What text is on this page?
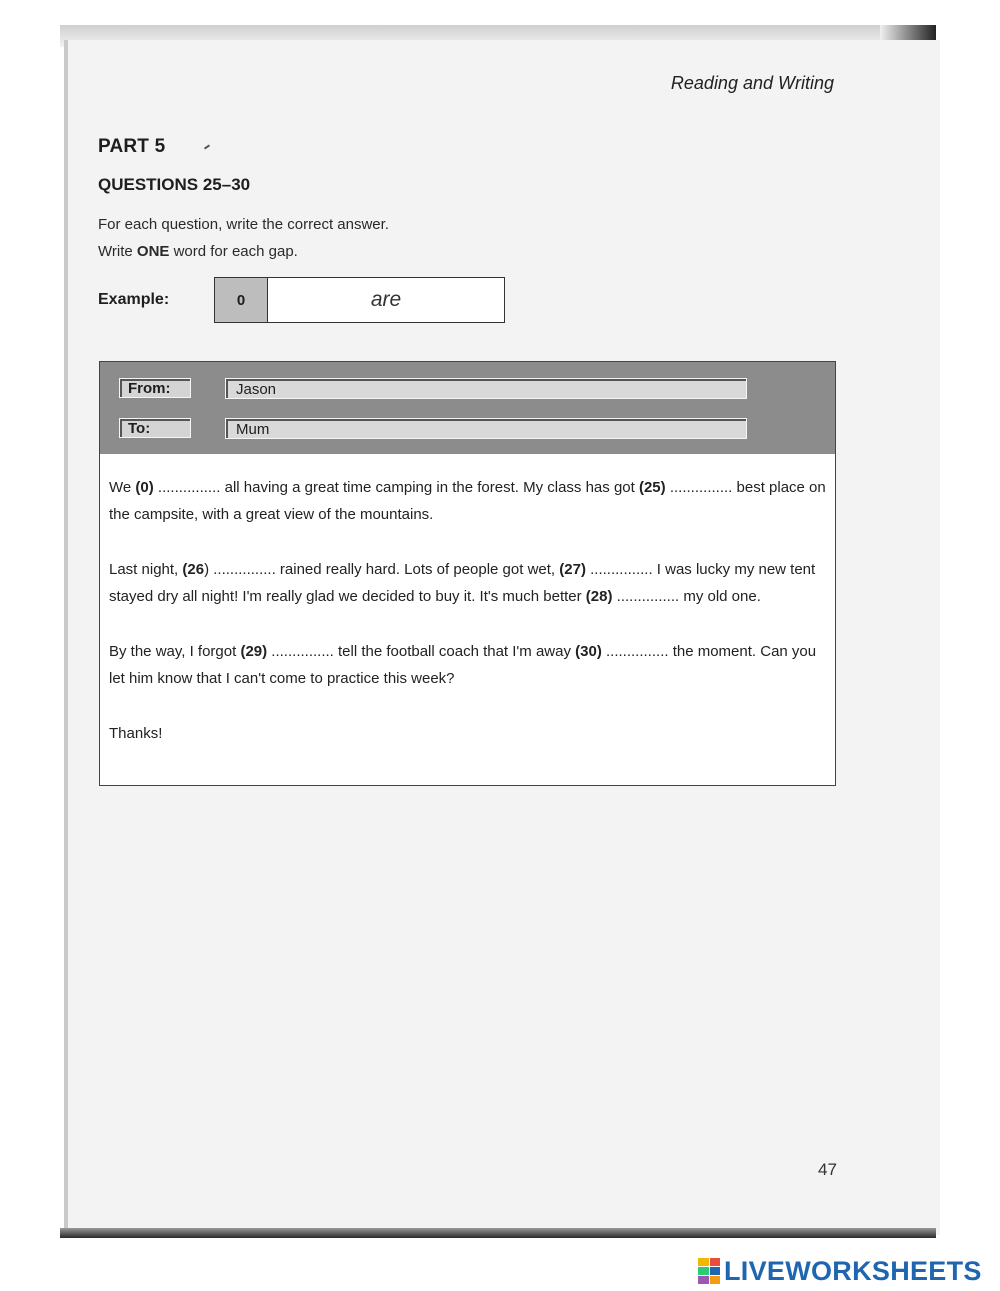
Reading and Writing
PART 5
QUESTIONS 25–30
For each question, write the correct answer.
Write ONE word for each gap.
Example:	0	are
From:	Jason
To:	Mum

We (0) ............... all having a great time camping in the forest. My class has got (25) ............... best place on the campsite, with a great view of the mountains.

Last night, (26) ............... rained really hard. Lots of people got wet, (27) ............... I was lucky my new tent stayed dry all night! I'm really glad we decided to buy it. It's much better (28) ............... my old one.

By the way, I forgot (29) ............... tell the football coach that I'm away (30) ............... the moment. Can you let him know that I can't come to practice this week?

Thanks!

47
LIVEWORKSHEETS
